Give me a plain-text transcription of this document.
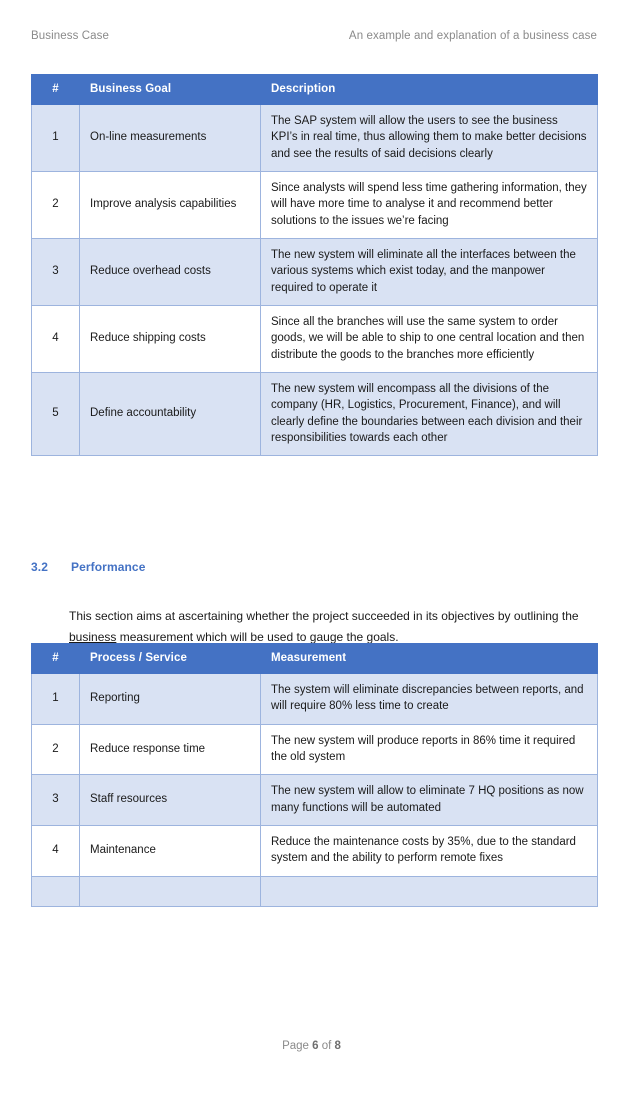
Business Case	An example and explanation of a business case
#	Business Goal	Description
1	On-line measurements	The SAP system will allow the users to see the business KPI’s in real time, thus allowing them to make better decisions and see the results of said decisions clearly
2	Improve analysis capabilities	Since analysts will spend less time gathering information, they will have more time to analyse it and recommend better solutions to the issues we’re facing
3	Reduce overhead costs	The new system will eliminate all the interfaces between the various systems which exist today, and the manpower required to operate it
4	Reduce shipping costs	Since all the branches will use the same system to order goods, we will be able to ship to one central location and then distribute the goods to the branches more efficiently
5	Define accountability	The new system will encompass all the divisions of the company (HR, Logistics, Procurement, Finance), and will clearly define the boundaries between each division and their responsibilities towards each other
3.2 Performance

This section aims at ascertaining whether the project succeeded in its objectives by outlining the business measurement which will be used to gauge the goals.

#	Process / Service	Measurement
1	Reporting	The system will eliminate discrepancies between reports, and will require 80% less time to create
2	Reduce response time	The new system will produce reports in 86% time it required the old system
3	Staff resources	The new system will allow to eliminate 7 HQ positions as now many functions will be automated
4	Maintenance	Reduce the maintenance costs by 35%, due to the standard system and the ability to perform remote fixes

Page 6 of 8
